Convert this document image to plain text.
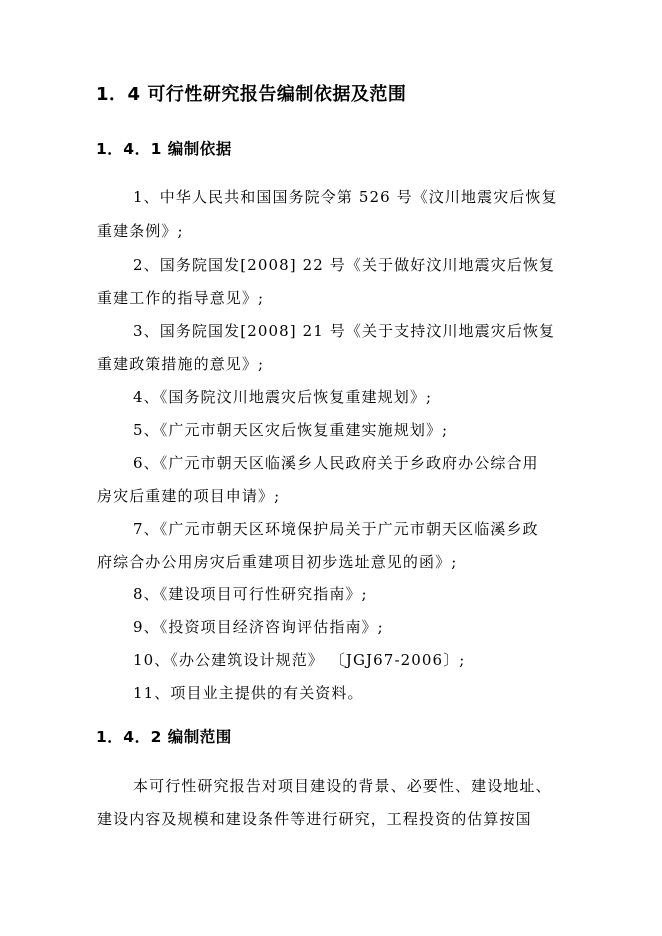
1．4 可行性研究报告编制依据及范围
1．4．1 编制依据
1、中华人民共和国国务院令第 526 号《汶川地震灾后恢复
重建条例》;
2、国务院国发[2008] 22 号《关于做好汶川地震灾后恢复
重建工作的指导意见》;
3、国务院国发[2008] 21 号《关于支持汶川地震灾后恢复
重建政策措施的意见》;
4、《国务院汶川地震灾后恢复重建规划》;
5、《广元市朝天区灾后恢复重建实施规划》;
6、《广元市朝天区临溪乡人民政府关于乡政府办公综合用
房灾后重建的项目申请》;
7、《广元市朝天区环境保护局关于广元市朝天区临溪乡政
府综合办公用房灾后重建项目初步选址意见的函》;
8、《建设项目可行性研究指南》;
9、《投资项目经济咨询评估指南》;
10、《办公建筑设计规范》 〔JGJ67-2006〕;
11、项目业主提供的有关资料。
1．4．2 编制范围
本可行性研究报告对项目建设的背景、必要性、建设地址、
建设内容及规模和建设条件等进行研究，工程投资的估算按国
